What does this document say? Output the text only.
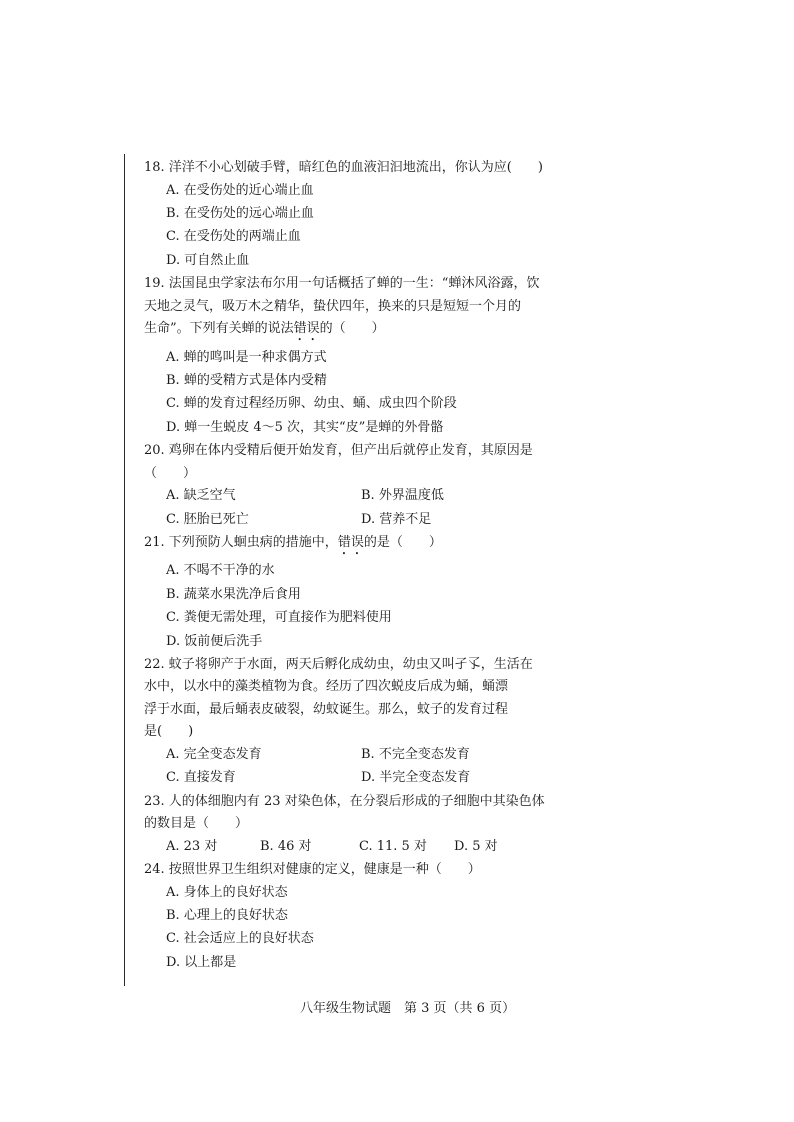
18. 洋洋不小心划破手臂，暗红色的血液汩汩地流出，你认为应(　　)

A. 在受伤处的近心端止血
B. 在受伤处的远心端止血
C. 在受伤处的两端止血
D. 可自然止血

19. 法国昆虫学家法布尔用一句话概括了蝉的一生：“蝉沐风浴露，饮

天地之灵气，吸万木之精华，蛰伏四年，换来的只是短短一个月的

生命”。下列有关蝉的说法错误的（　　）

A. 蝉的鸣叫是一种求偶方式
B. 蝉的受精方式是体内受精
C. 蝉的发育过程经历卵、幼虫、蛹、成虫四个阶段
D. 蝉一生蜕皮 4～5 次，其实“皮”是蝉的外骨骼

20. 鸡卵在体内受精后便开始发育，但产出后就停止发育，其原因是

（　　）

A. 缺乏空气	B. 外界温度低
C. 胚胎已死亡	D. 营养不足

21. 下列预防人蛔虫病的措施中，错误的是（　　）

A. 不喝不干净的水
B. 蔬菜水果洗净后食用
C. 粪便无需处理，可直接作为肥料使用
D. 饭前便后洗手

22. 蚊子将卵产于水面，两天后孵化成幼虫，幼虫又叫孑孓，生活在

水中，以水中的藻类植物为食。经历了四次蜕皮后成为蛹，蛹漂

浮于水面，最后蛹表皮破裂，幼蚊诞生。那么，蚊子的发育过程

是(　　)

A. 完全变态发育	B. 不完全变态发育
C. 直接发育	D. 半完全变态发育

23. 人的体细胞内有 23 对染色体，在分裂后形成的子细胞中其染色体

的数目是（　　）

A. 23 对	B. 46 对	C. 11. 5 对 D. 5 对

24. 按照世界卫生组织对健康的定义，健康是一种（　　）

A. 身体上的良好状态
B. 心理上的良好状态
C. 社会适应上的良好状态
D. 以上都是
八年级生物试题　第 3 页（共 6 页）
